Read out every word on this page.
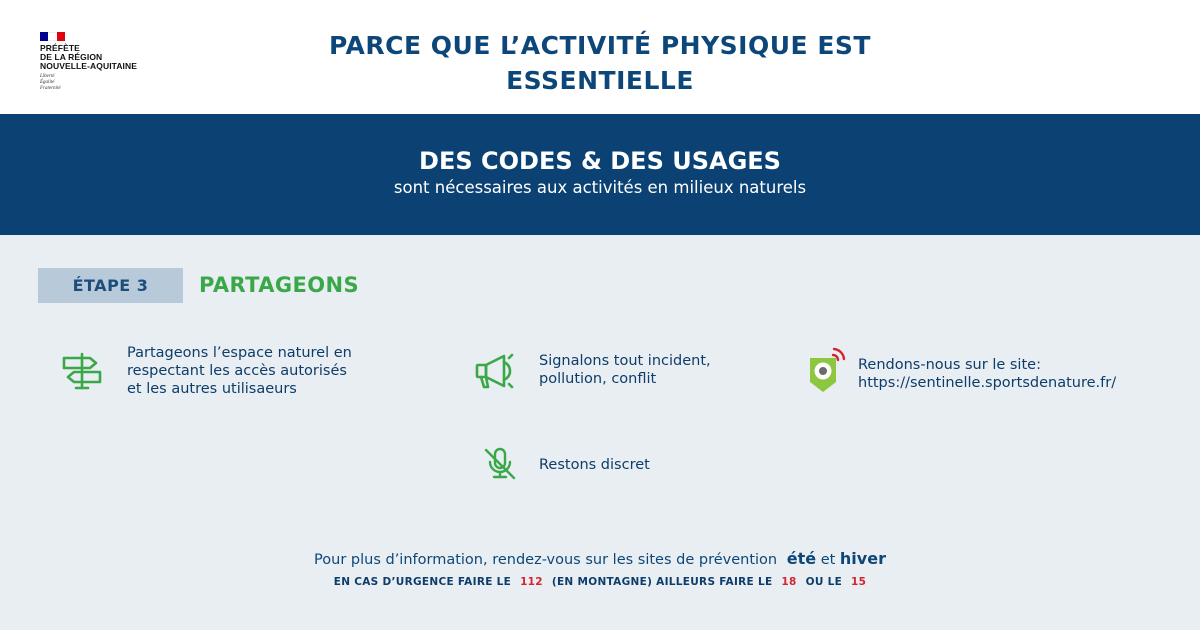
PRÉFÈTE
DE LA RÉGION
NOUVELLE-AQUITAINE
Liberté
Égalité
Fraternité
PARCE QUE L’ACTIVITÉ PHYSIQUE EST
ESSENTIELLE
DES CODES & DES USAGES
sont nécessaires aux activités en milieux naturels
ÉTAPE 3	PARTAGEONS
Partageons l’espace naturel en
respectant les accès autorisés
et les autres utilisaeurs
Signalons tout incident,
pollution, conflit
Rendons-nous sur le site:
https://sentinelle.sportsdenature.fr/
Restons discret
Pour plus d’information, rendez-vous sur les sites de prévention été et hiver
EN CAS D’URGENCE FAIRE LE 112 (EN MONTAGNE) AILLEURS FAIRE LE 18 OU LE 15
